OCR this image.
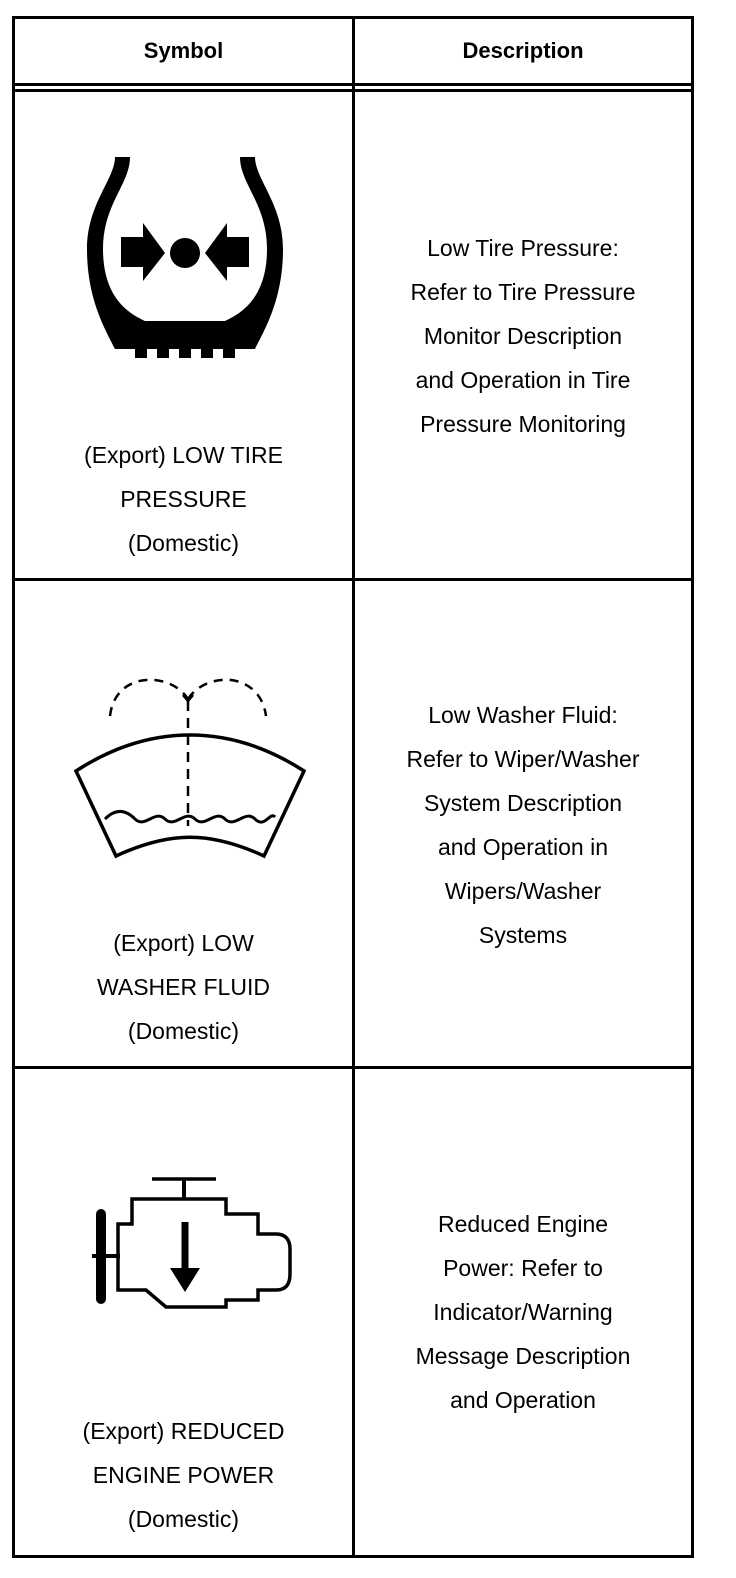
Symbol	Description
(Export) LOW TIRE
PRESSURE
(Domestic)
Low Tire Pressure:
Refer to Tire Pressure
Monitor Description
and Operation in Tire
Pressure Monitoring
(Export) LOW
WASHER FLUID
(Domestic)
Low Washer Fluid:
Refer to Wiper/Washer
System Description
and Operation in
Wipers/Washer
Systems
(Export) REDUCED
ENGINE POWER
(Domestic)
Reduced Engine
Power: Refer to
Indicator/Warning
Message Description
and Operation
